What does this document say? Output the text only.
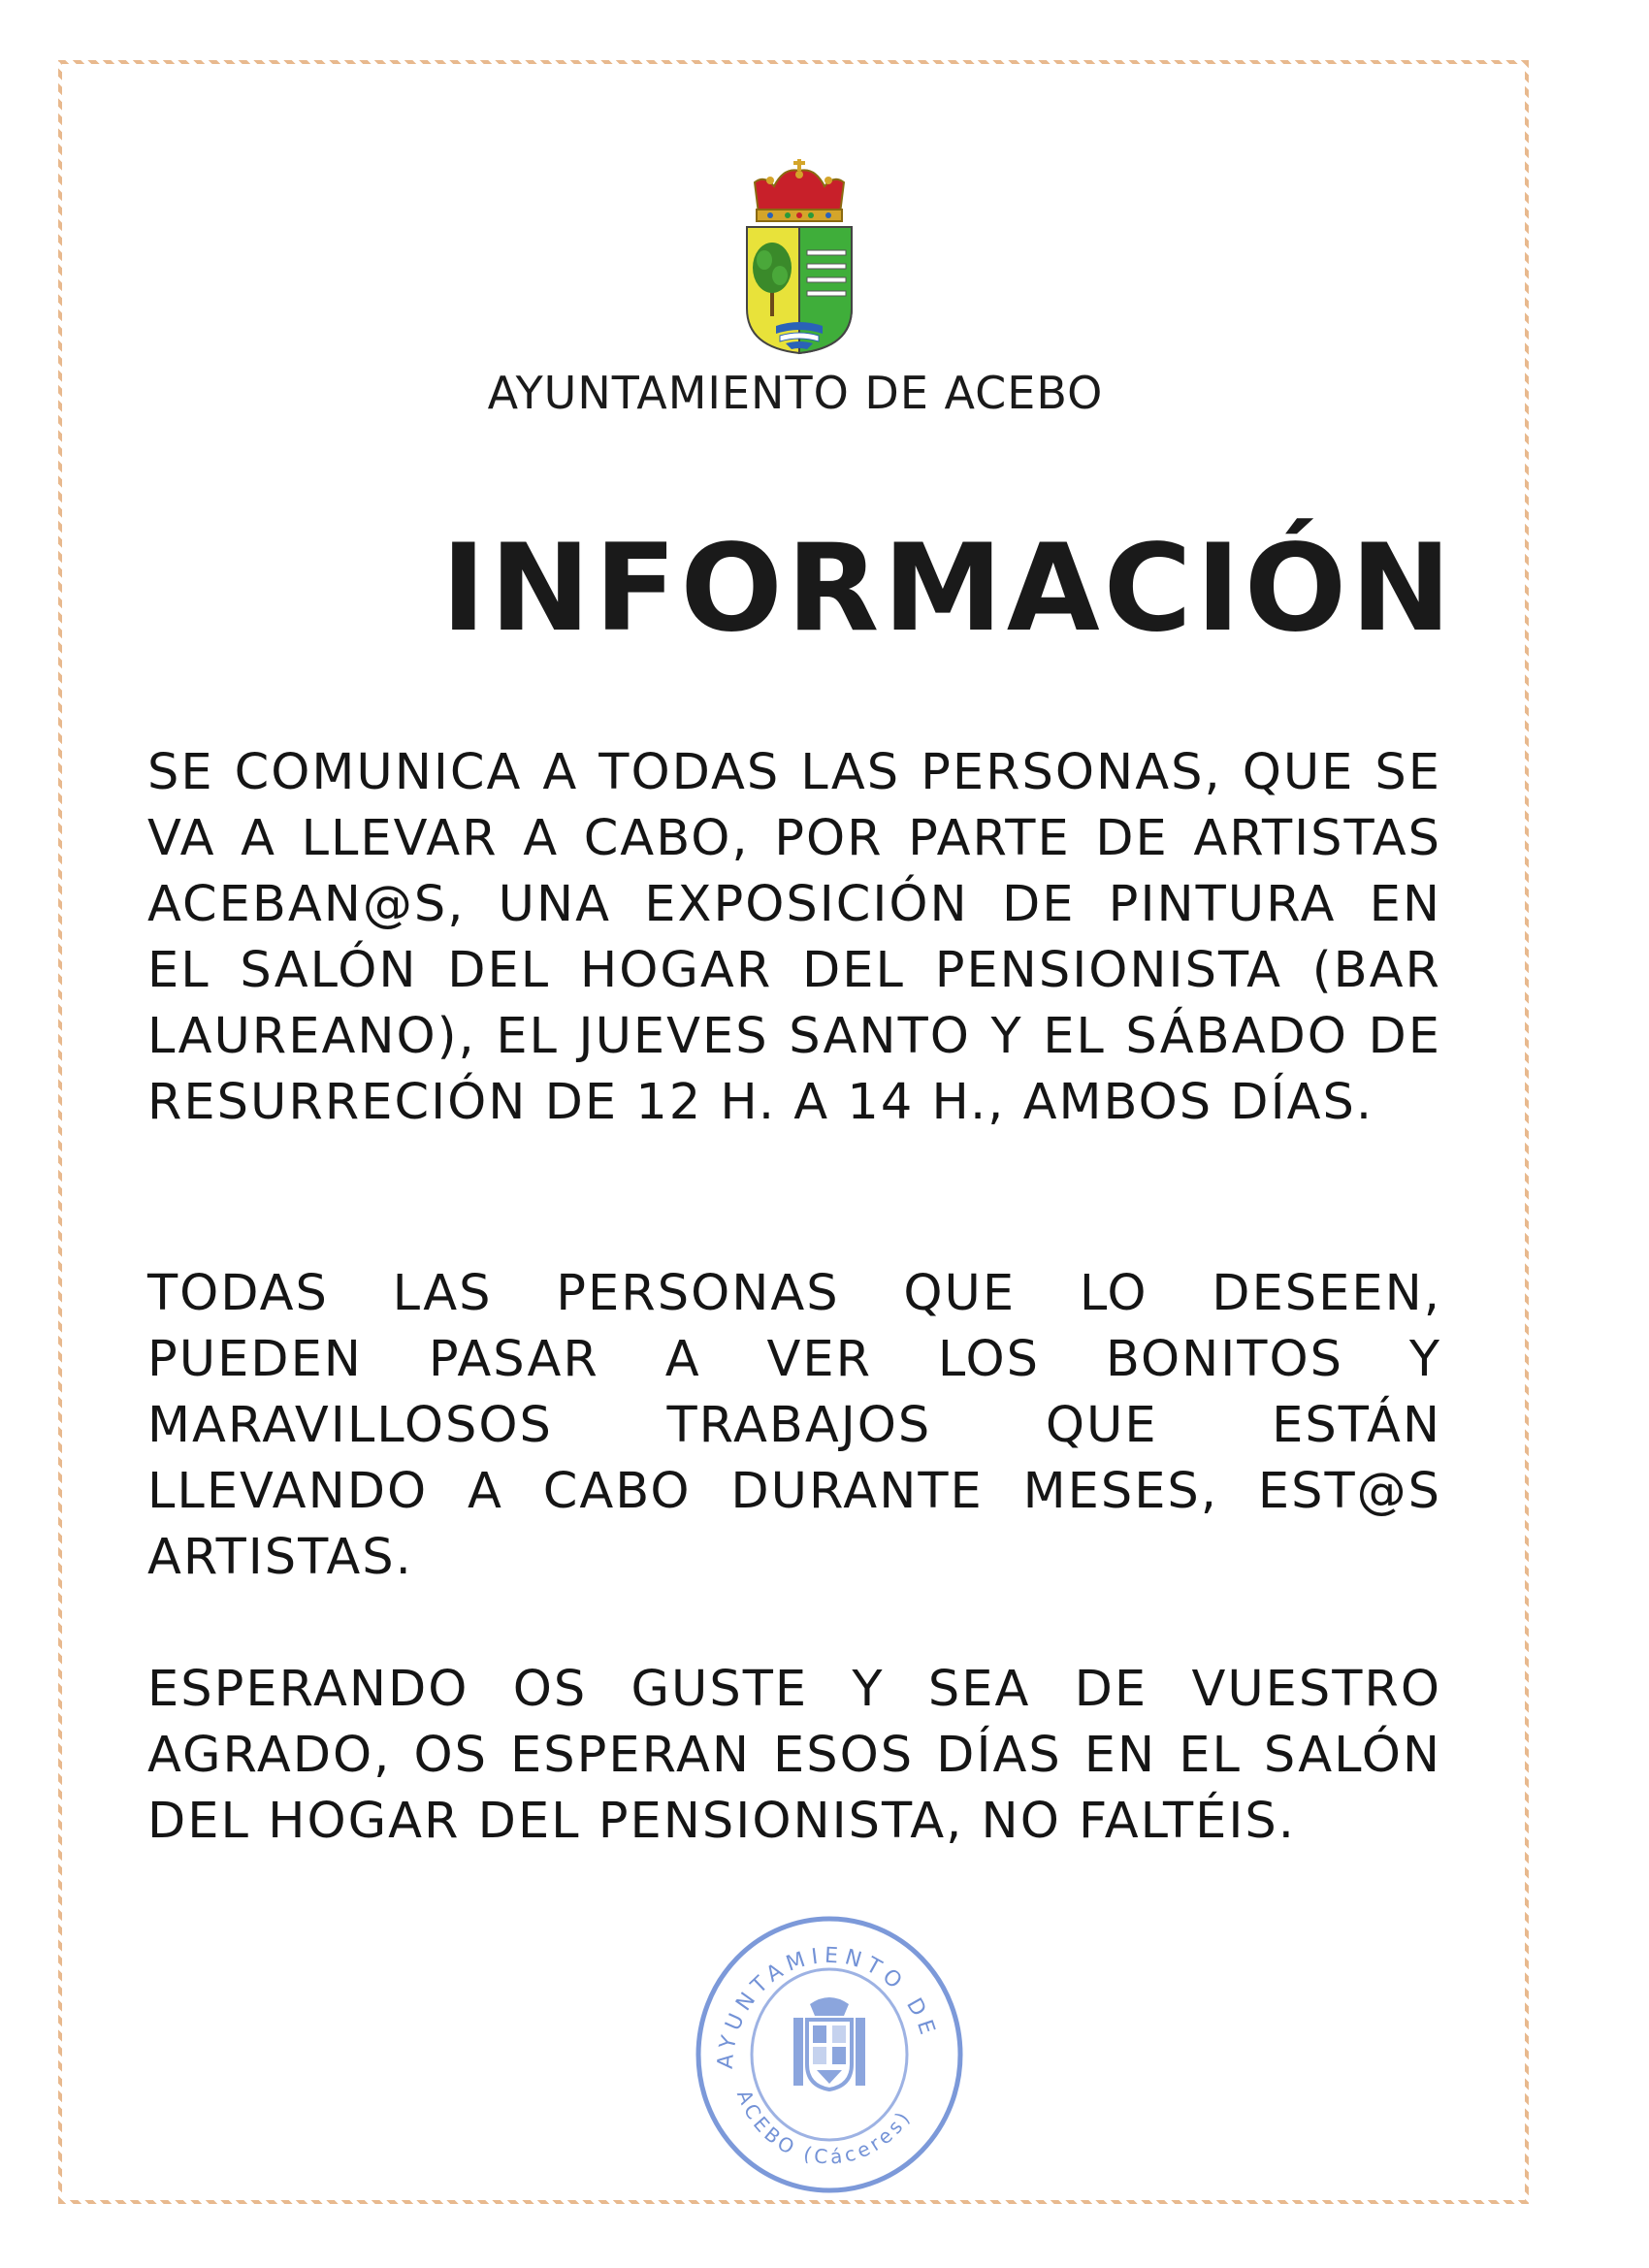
AYUNTAMIENTO DE ACEBO
INFORMACIÓN

SE COMUNICA A TODAS LAS PERSONAS, QUE SE VA A LLEVAR A CABO, POR PARTE DE ARTISTAS ACEBAN@S, UNA EXPOSICIÓN DE PINTURA EN EL SALÓN DEL HOGAR DEL PENSIONISTA (BAR LAUREANO), EL JUEVES SANTO Y EL SÁBADO DE RESURRECIÓN DE 12 H. A 14 H., AMBOS DÍAS.

TODAS LAS PERSONAS QUE LO DESEEN, PUEDEN PASAR A VER LOS BONITOS Y MARAVILLOSOS TRABAJOS QUE ESTÁN LLEVANDO A CABO DURANTE MESES, EST@S ARTISTAS.

ESPERANDO OS GUSTE Y SEA DE VUESTRO AGRADO, OS ESPERAN ESOS DÍAS EN EL SALÓN DEL HOGAR DEL PENSIONISTA, NO FALTÉIS.

AYUNTAMIENTO DE
ACEBO (Cáceres)
